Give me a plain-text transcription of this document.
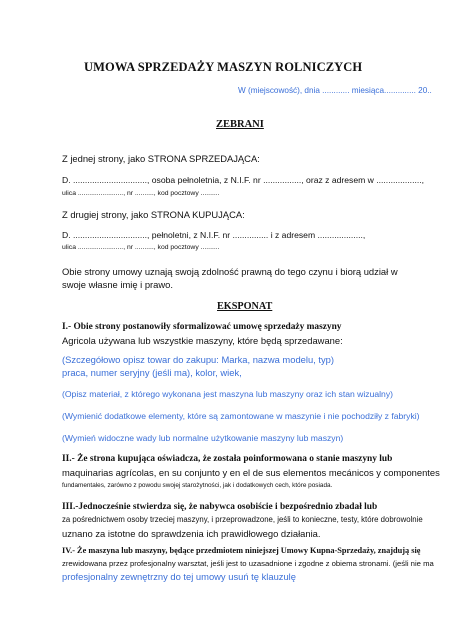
UMOWA SPRZEDAŻY MASZYN ROLNICZYCH
W (miejscowość), dnia ............ miesiąca.............. 20..
ZEBRANI
Z jednej strony, jako STRONA SPRZEDAJĄCA:
D. ..............................., osoba pełnoletnia, z N.I.F. nr ................, oraz z adresem w ...................,
ulica ........................, nr .........., kod pocztowy ..........
Z drugiej strony, jako STRONA KUPUJĄCA:
D. ..............................., pełnoletni, z N.I.F. nr ............... i z adresem ...................,
ulica ........................, nr .........., kod pocztowy ..........
Obie strony umowy uznają swoją zdolność prawną do tego czynu i biorą udział w
swoje własne imię i prawo.
EKSPONAT
I.- Obie strony postanowiły sformalizować umowę sprzedaży maszyny
Agricola używana lub wszystkie maszyny, które będą sprzedawane:
(Szczegółowo opisz towar do zakupu: Marka, nazwa modelu, typ)
praca, numer seryjny (jeśli ma), kolor, wiek,
(Opisz materiał, z którego wykonana jest maszyna lub maszyny oraz ich stan wizualny)
(Wymienić dodatkowe elementy, które są zamontowane w maszynie i nie pochodziły z fabryki)
(Wymień widoczne wady lub normalne użytkowanie maszyny lub maszyn)
II.- Że strona kupująca oświadcza, że została poinformowana o stanie maszyny lub
maquinarias agrícolas, en su conjunto y en el de sus elementos mecánicos y componentes
fundamentales, zarówno z powodu swojej starożytności, jak i dodatkowych cech, które posiada.
III.-Jednocześnie stwierdza się, że nabywca osobiście i bezpośrednio zbadał lub
za pośrednictwem osoby trzeciej maszyny, i przeprowadzone, jeśli to konieczne, testy, które dobrowolnie
uznano za istotne do sprawdzenia ich prawidłowego działania.
IV.- Że maszyna lub maszyny, będące przedmiotem niniejszej Umowy Kupna-Sprzedaży, znajdują się
zrewidowana przez profesjonalny warsztat, jeśli jest to uzasadnione i zgodne z obiema stronami. (jeśli nie ma
profesjonalny zewnętrzny do tej umowy usuń tę klauzulę
